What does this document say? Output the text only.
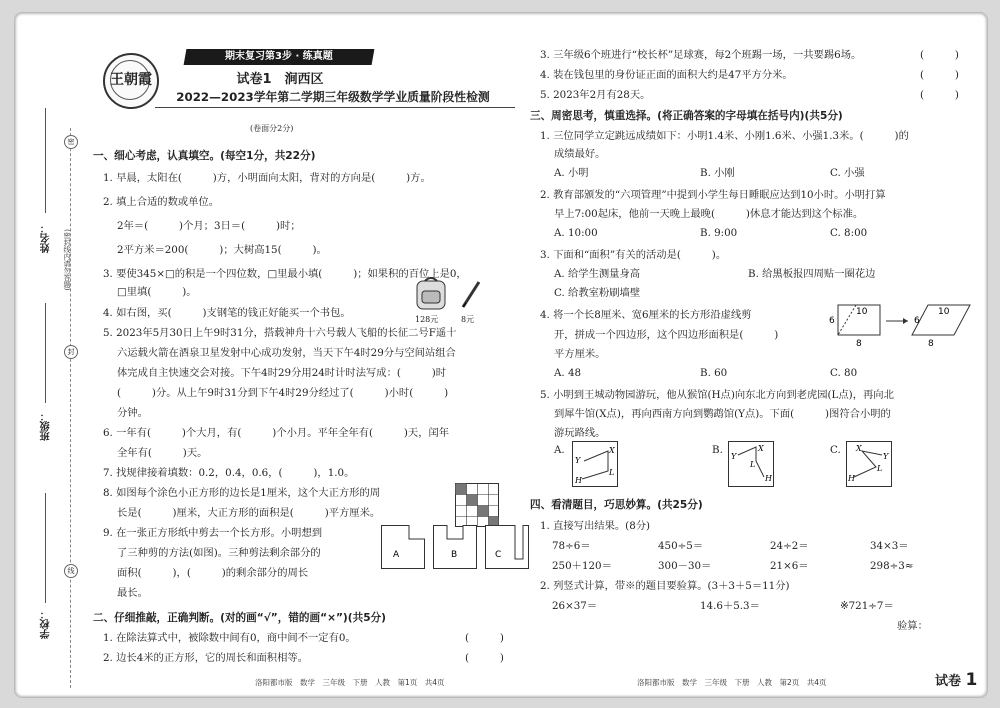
密
封
线
(密封线内请勿答题)
姓名：
班级：
学校：
王朝霞
期末复习第3步 · 练真题
试卷1　涧西区
2022—2023学年第二学期三年级数学学业质量阶段性检测
(卷面分2分)
一、细心考虑，认真填空。(每空1分，共22分)
1. 早晨，太阳在(　　　)方，小明面向太阳，背对的方向是(　　　)方。
2. 填上合适的数或单位。
2年＝(　　　)个月；3日＝(　　　)时；
2平方米＝200(　　　)；大树高15(　　　)。
3. 要使345×□的积是一个四位数，□里最小填(　　　)；如果积的百位上是0，
□里填(　　　)。
4. 如右图，买(　　　)支钢笔的钱正好能买一个书包。
128元	8元
5. 2023年5月30日上午9时31分，搭载神舟十六号载人飞船的长征二号F遥十
六运载火箭在酒泉卫星发射中心成功发射，当天下午4时29分与空间站组合
体完成自主快速交会对接。下午4时29分用24时计时法写成：(　　　)时
(　　　)分。从上午9时31分到下午4时29分经过了(　　　)小时(　　　)
分钟。
6. 一年有(　　　)个大月，有(　　　)个小月。平年全年有(　　　)天，闰年
全年有(　　　)天。
7. 找规律接着填数：0.2，0.4，0.6，(　　　)，1.0。
8. 如图每个涂色小正方形的边长是1厘米，这个大正方形的周
长是(　　　)厘米，大正方形的面积是(　　　)平方厘米。
9. 在一张正方形纸中剪去一个长方形。小明想到
了三种剪的方法(如图)。三种剪法剩余部分的
面积(　　　)，(　　　)的剩余部分的周长
最长。
A	B	C
二、仔细推敲，正确判断。(对的画“√”，错的画“×”)(共5分)
1. 在除法算式中，被除数中间有0，商中间不一定有0。	(　　　)
2. 边长4米的正方形，它的周长和面积相等。	(　　　)
洛阳都市版　数学　三年级　下册　人教　第1页　共4页
3. 三年级6个班进行“校长杯”足球赛，每2个班踢一场，一共要踢6场。	(　　　)
4. 装在钱包里的身份证正面的面积大约是47平方分米。	(　　　)
5. 2023年2月有28天。	(　　　)
三、周密思考，慎重选择。(将正确答案的字母填在括号内)(共5分)
1. 三位同学立定跳远成绩如下：小明1.4米、小刚1.6米、小强1.3米。(　　　)的
成绩最好。
A. 小明	B. 小刚	C. 小强
2. 教育部颁发的“六项管理”中提到小学生每日睡眠应达到10小时。小明打算
早上7:00起床，他前一天晚上最晚(　　　)休息才能达到这个标准。
A. 10:00	B. 9:00	C. 8:00
3. 下面和“面积”有关的活动是(　　　)。
A. 给学生测量身高	B. 给黑板报四周贴一圈花边
C. 给教室粉刷墙壁
4. 将一个长8厘米、宽6厘米的长方形沿虚线剪
开，拼成一个四边形，这个四边形面积是(　　　)
平方厘米。
A. 48	B. 60	C. 80
10
6
8
10
6
8
5. 小明到王城动物园游玩，他从猴馆(H点)向东北方向到老虎园(L点)，再向北
到犀牛馆(X点)，再向西南方向到鹦鹉馆(Y点)。下面(　　　)图符合小明的
游玩路线。
A.
H
L
X
Y
B.
H
L
X
Y
C.
H
L
X
Y
四、看清题目，巧思妙算。(共25分)
1. 直接写出结果。(8分)
78÷6＝	450÷5＝	24÷2＝	34×3＝
250＋120＝	300－30＝	21×6＝	298÷3≈
2. 列竖式计算，带※的题目要验算。(3＋3＋5＝11分)
26×37＝	14.6＋5.3＝	※721÷7＝
验算：
洛阳都市版　数学　三年级　下册　人教　第2页　共4页	试卷 1
